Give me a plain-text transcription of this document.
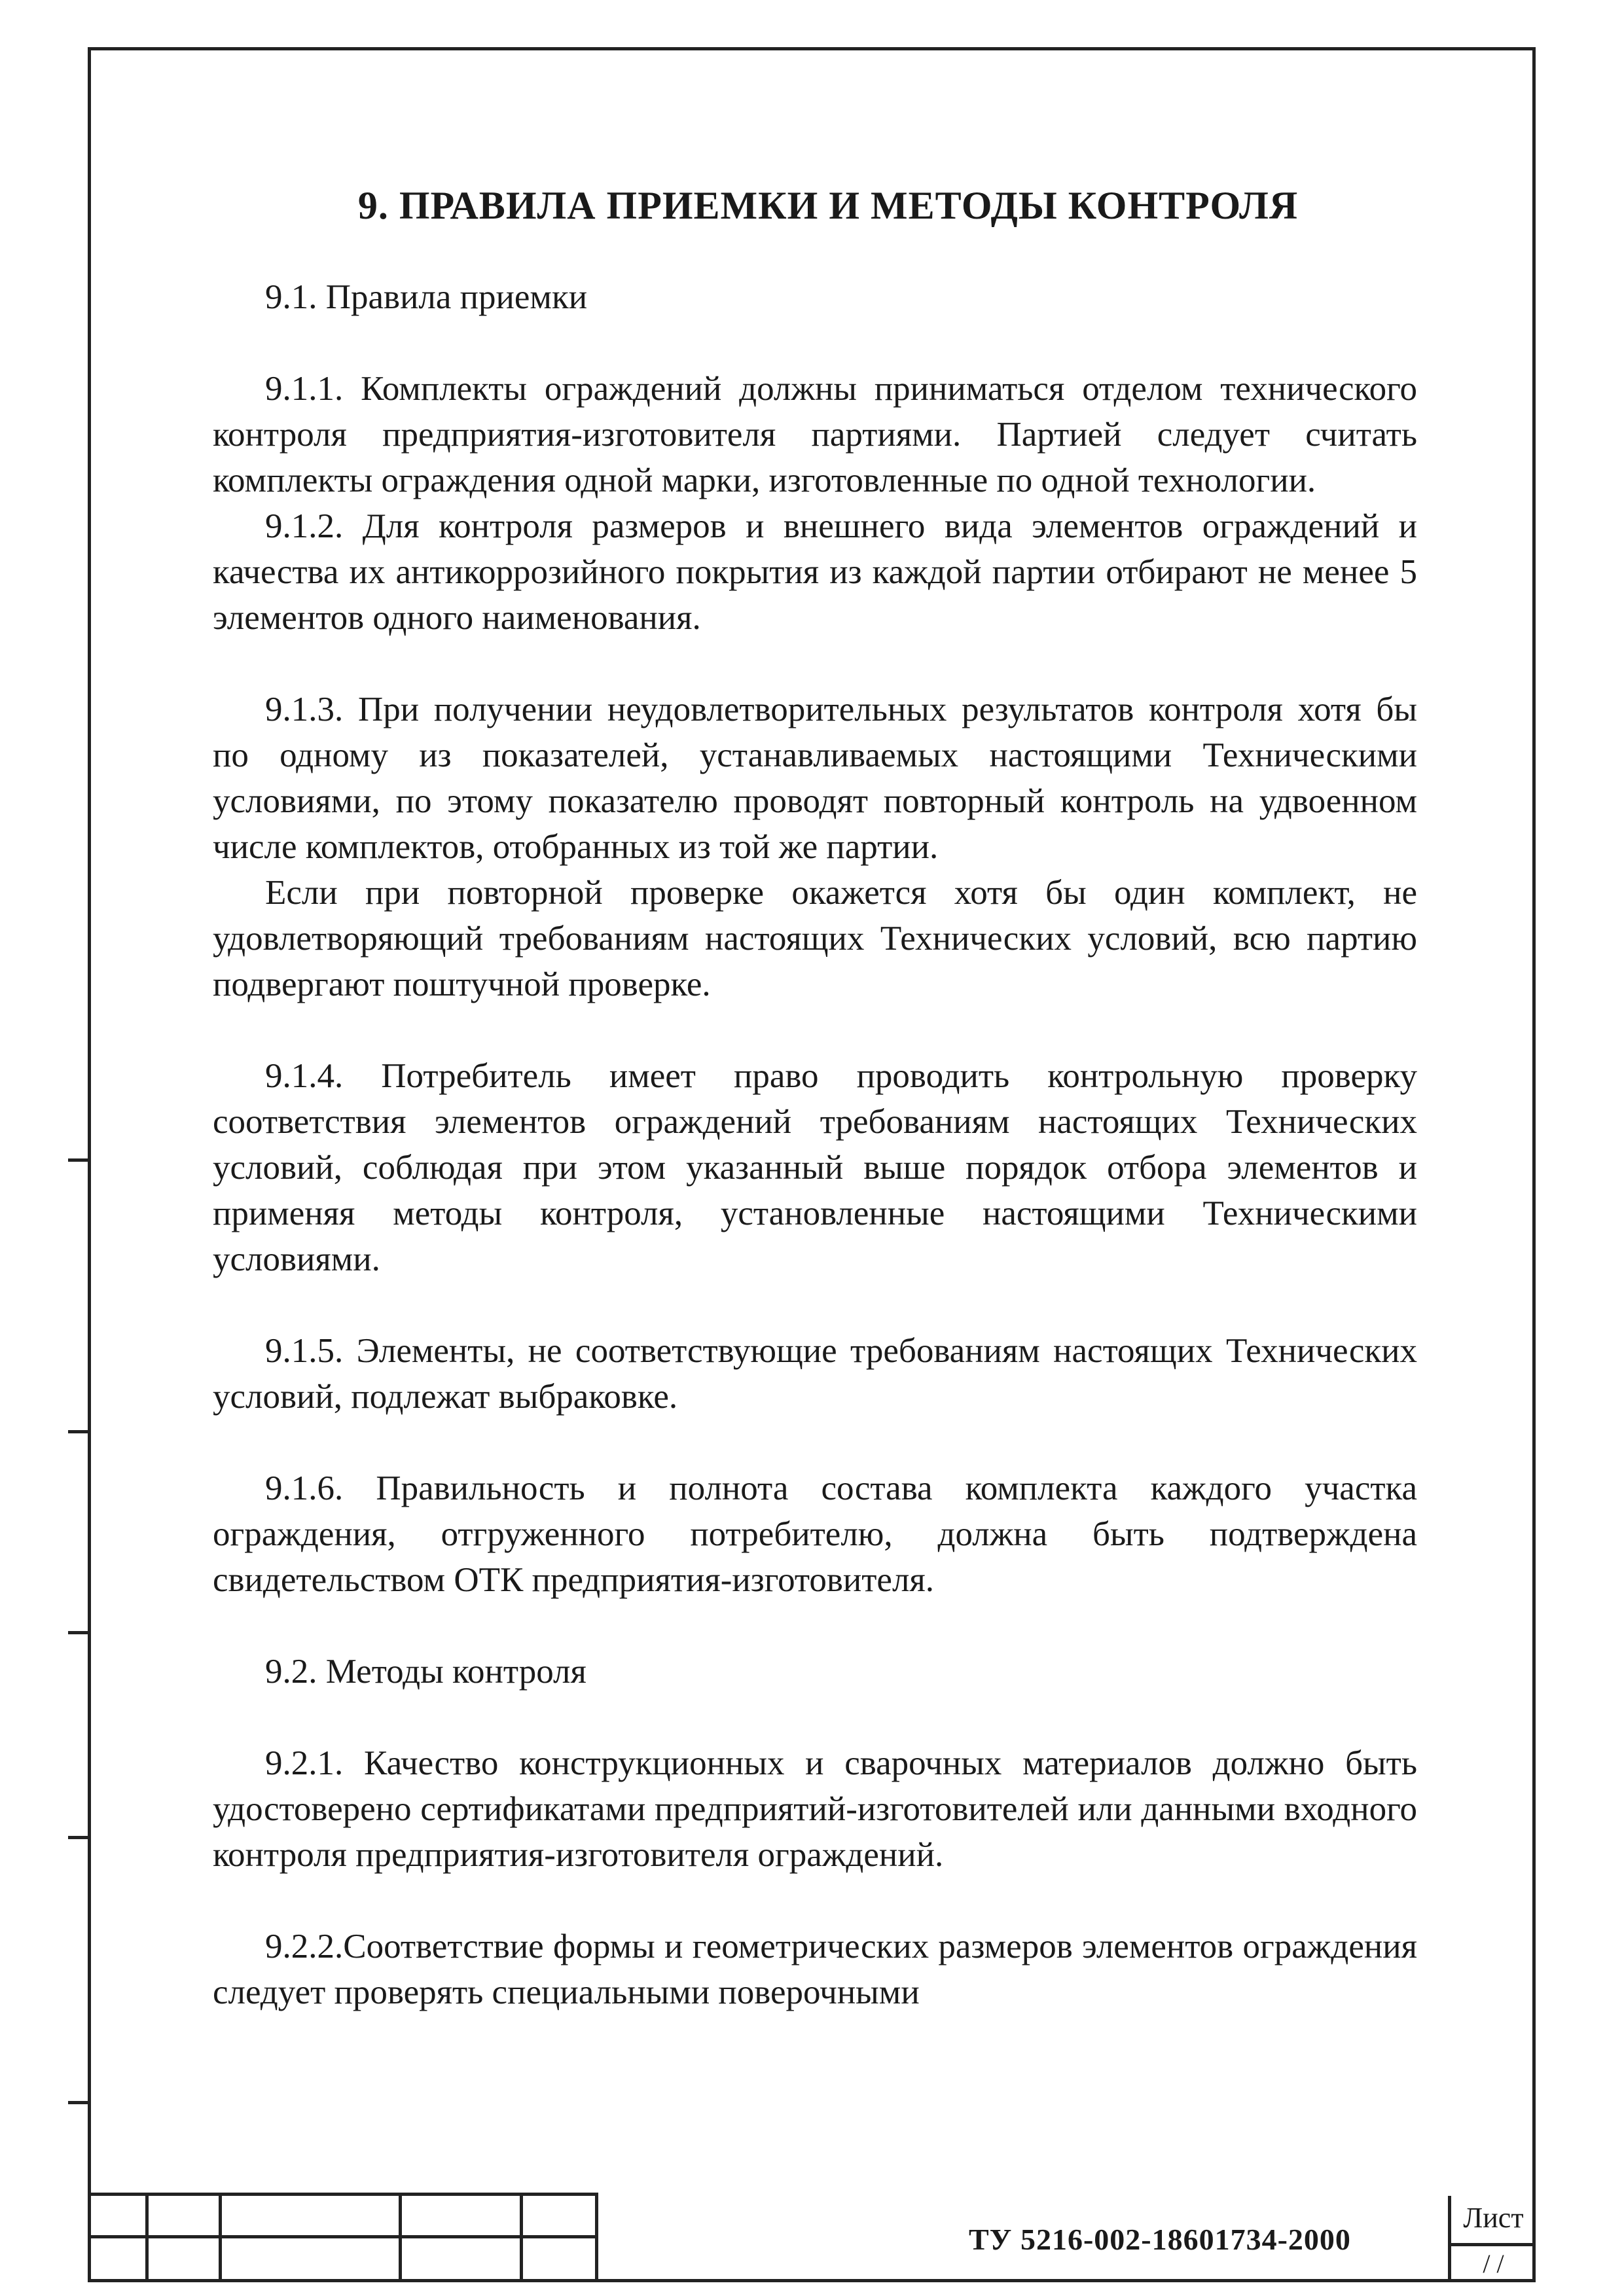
9. ПРАВИЛА ПРИЕМКИ И МЕТОДЫ КОНТРОЛЯ

9.1. Правила приемки

9.1.1. Комплекты ограждений должны приниматься отделом технического контроля предприятия-изготовителя партиями. Партией следует считать комплекты ограждения одной марки, изготовленные по одной технологии.

9.1.2. Для контроля размеров и внешнего вида элементов ограждений и качества их антикоррозийного покрытия из каждой партии отбирают не менее 5 элементов одного наименования.

9.1.3. При получении неудовлетворительных результатов контроля хотя бы по одному из показателей, устанавливаемых настоящими Техническими условиями, по этому показателю проводят повторный контроль на удвоенном числе комплектов, отобранных из той же партии.

Если при повторной проверке окажется хотя бы один комплект, не удовлетворяющий требованиям настоящих Технических условий, всю партию подвергают поштучной проверке.

9.1.4. Потребитель имеет право проводить контрольную проверку соответствия элементов ограждений требованиям настоящих Технических условий, соблюдая при этом указанный выше порядок отбора элементов и применяя методы контроля, установленные настоящими Техническими условиями.

9.1.5. Элементы, не соответствующие требованиям настоящих Технических условий, подлежат выбраковке.

9.1.6. Правильность и полнота состава комплекта каждого участка ограждения, отгруженного потребителю, должна быть подтверждена свидетельством ОТК предприятия-изготовителя.

9.2. Методы контроля

9.2.1. Качество конструкционных и сварочных материалов должно быть удостоверено сертификатами предприятий-изготовителей или данными входного контроля предприятия-изготовителя ограждений.

9.2.2.Соответствие формы и геометрических размеров элементов ограждения следует проверять специальными поверочными

ТУ 5216-002-18601734-2000
Лист
/ /
